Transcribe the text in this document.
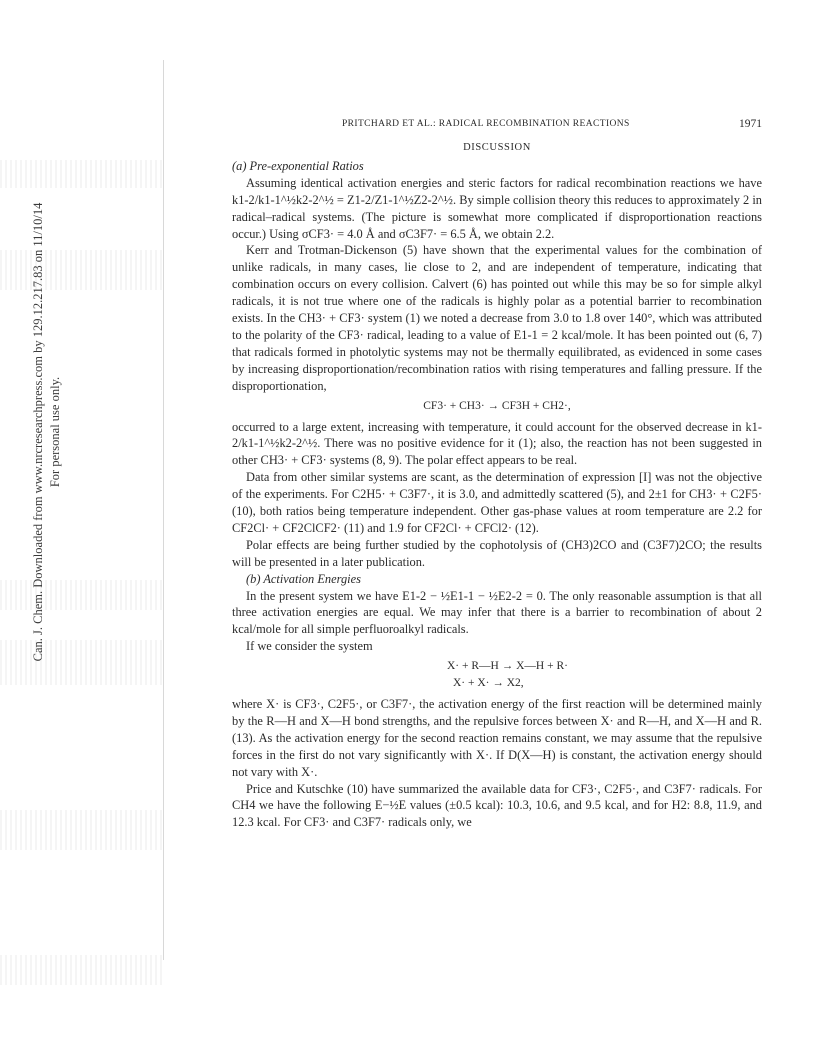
Can. J. Chem. Downloaded from www.nrcresearchpress.com by 129.12.217.83 on 11/10/14 For personal use only.
PRITCHARD ET AL.: RADICAL RECOMBINATION REACTIONS	1971
DISCUSSION
(a) Pre-exponential Ratios

Assuming identical activation energies and steric factors for radical recombination reactions we have k1-2/k1-1^½k2-2^½ = Z1-2/Z1-1^½Z2-2^½. By simple collision theory this reduces to approximately 2 in radical–radical systems. (The picture is somewhat more complicated if disproportionation reactions occur.) Using σCF3· = 4.0 Å and σC3F7· = 6.5 Å, we obtain 2.2.

Kerr and Trotman-Dickenson (5) have shown that the experimental values for the combination of unlike radicals, in many cases, lie close to 2, and are independent of temperature, indicating that combination occurs on every collision. Calvert (6) has pointed out while this may be so for simple alkyl radicals, it is not true where one of the radicals is highly polar as a potential barrier to recombination exists. In the CH3· + CF3· system (1) we noted a decrease from 3.0 to 1.8 over 140°, which was attributed to the polarity of the CF3· radical, leading to a value of E1-1 = 2 kcal/mole. It has been pointed out (6, 7) that radicals formed in photolytic systems may not be thermally equilibrated, as evidenced in some cases by increasing disproportionation/recombination ratios with rising temperatures and falling pressure. If the disproportionation,

CF3· + CH3· → CF3H + CH2·,

occurred to a large extent, increasing with temperature, it could account for the observed decrease in k1-2/k1-1^½k2-2^½. There was no positive evidence for it (1); also, the reaction has not been suggested in other CH3· + CF3· systems (8, 9). The polar effect appears to be real.

Data from other similar systems are scant, as the determination of expression [I] was not the objective of the experiments. For C2H5· + C3F7·, it is 3.0, and admittedly scattered (5), and 2±1 for CH3· + C2F5· (10), both ratios being temperature independent. Other gas-phase values at room temperature are 2.2 for CF2Cl· + CF2ClCF2· (11) and 1.9 for CF2Cl· + CFCl2· (12).

Polar effects are being further studied by the cophotolysis of (CH3)2CO and (C3F7)2CO; the results will be presented in a later publication.

(b) Activation Energies

In the present system we have E1-2 − ½E1-1 − ½E2-2 = 0. The only reasonable assumption is that all three activation energies are equal. We may infer that there is a barrier to recombination of about 2 kcal/mole for all simple perfluoroalkyl radicals.

If we consider the system

X· + R—H → X—H + R·
X· + X· → X2,

where X· is CF3·, C2F5·, or C3F7·, the activation energy of the first reaction will be determined mainly by the R—H and X—H bond strengths, and the repulsive forces between X· and R—H, and X—H and R. (13). As the activation energy for the second reaction remains constant, we may assume that the repulsive forces in the first do not vary significantly with X·. If D(X—H) is constant, the activation energy should not vary with X·.

Price and Kutschke (10) have summarized the available data for CF3·, C2F5·, and C3F7· radicals. For CH4 we have the following E−½E values (±0.5 kcal): 10.3, 10.6, and 9.5 kcal, and for H2: 8.8, 11.9, and 12.3 kcal. For CF3· and C3F7· radicals only, we
